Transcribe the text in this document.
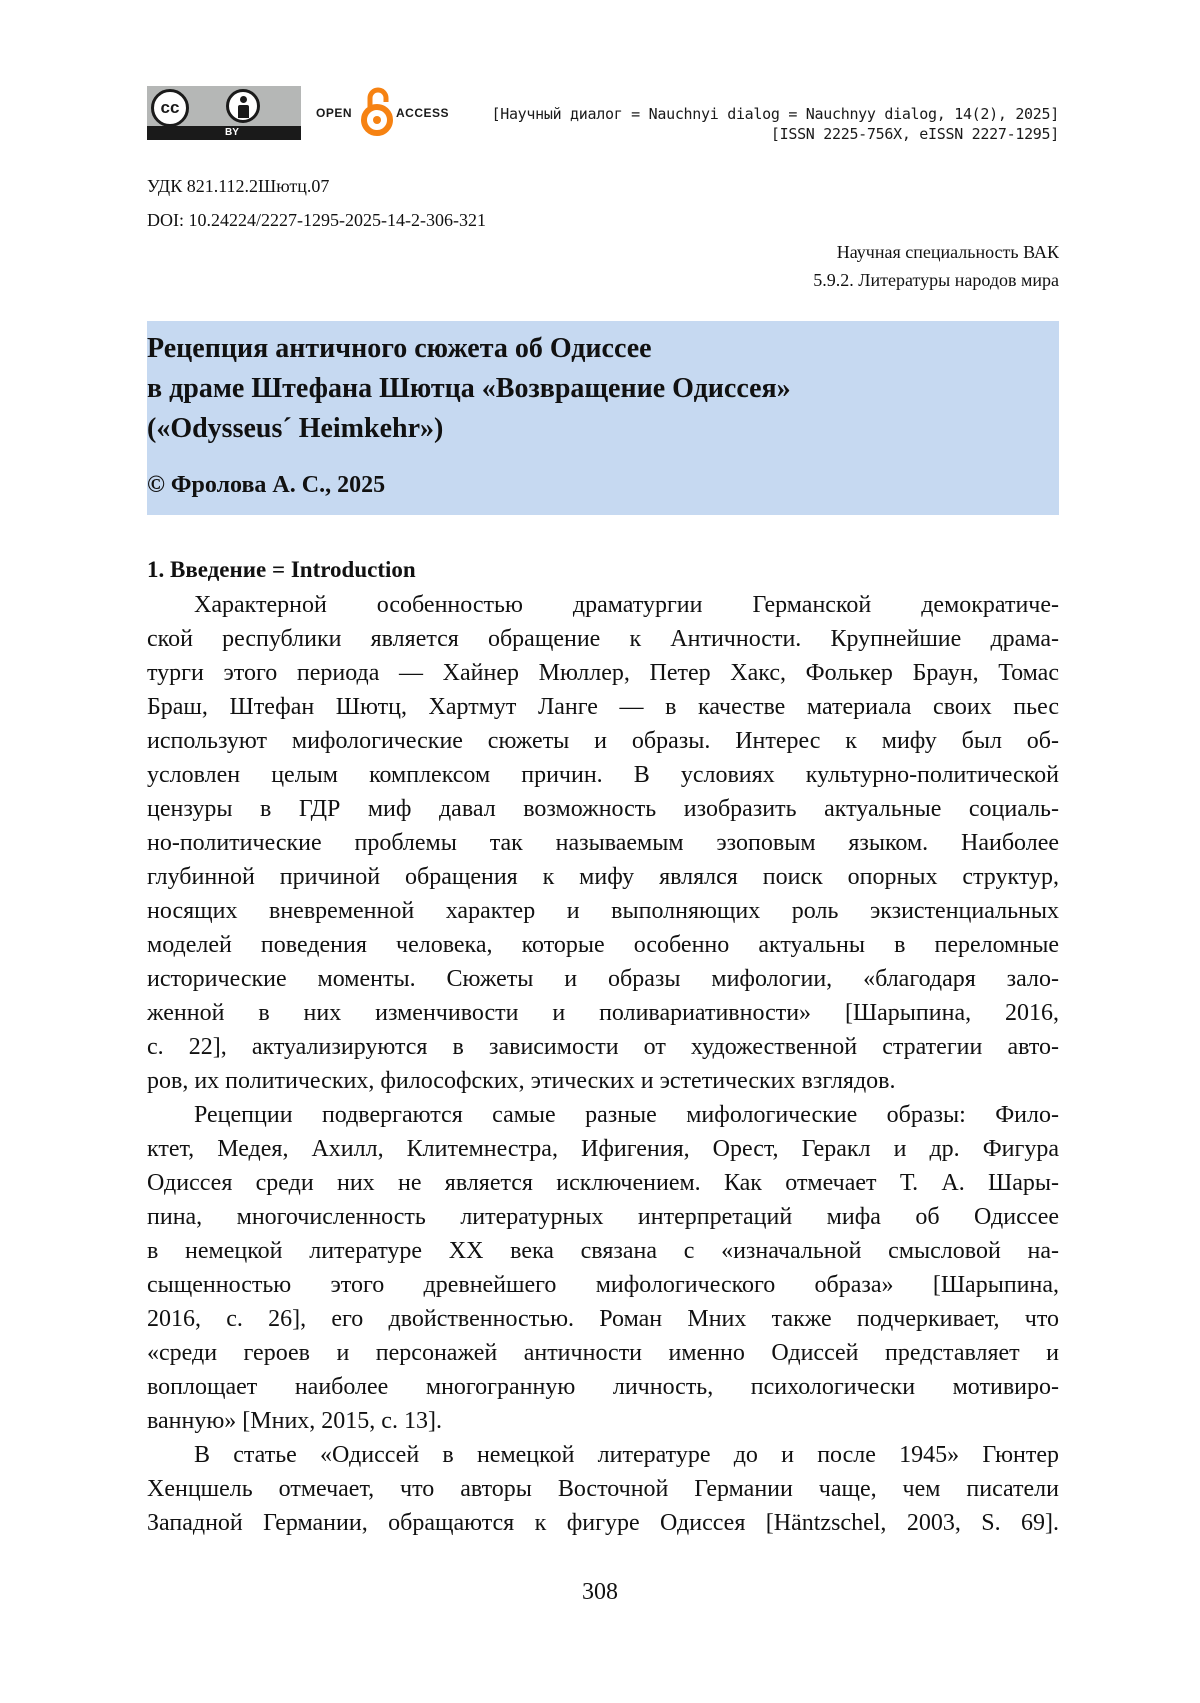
cc
BY
OPEN	ACCESS	[Научный диалог = Nauchnyi dialog = Nauchnyy dialog, 14(2), 2025]
[ISSN 2225-756X, eISSN 2227-1295]
УДК 821.112.2Шютц.07
DOI: 10.24224/2227-1295-2025-14-2-306-321
Научная специальность ВАК
5.9.2. Литературы народов мира
Рецепция античного сюжета об Одиссее
в драме Штефана Шютца «Возвращение Одиссея»
(«Odysseus´ Heimkehr»)
© Фролова А. С., 2025
1. Введение = Introduction
Характерной особенностью драматургии Германской демократиче-
ской республики является обращение к Античности. Крупнейшие драма-
турги этого периода — Хайнер Мюллер, Петер Хакс, Фолькер Браун, Томас
Браш, Штефан Шютц, Хартмут Ланге — в качестве материала своих пьес
используют мифологические сюжеты и образы. Интерес к мифу был об-
условлен целым комплексом причин. В условиях культурно-политической
цензуры в ГДР миф давал возможность изобразить актуальные социаль-
но-политические проблемы так называемым эзоповым языком. Наиболее
глубинной причиной обращения к мифу являлся поиск опорных структур,
носящих вневременной характер и выполняющих роль экзистенциальных
моделей поведения человека, которые особенно актуальны в переломные
исторические моменты. Сюжеты и образы мифологии, «благодаря зало-
женной в них изменчивости и поливариативности» [Шарыпина, 2016,
с. 22], актуализируются в зависимости от художественной стратегии авто-
ров, их политических, философских, этических и эстетических взглядов.
Рецепции подвергаются самые разные мифологические образы: Фило-
ктет, Медея, Ахилл, Клитемнестра, Ифигения, Орест, Геракл и др. Фигура
Одиссея среди них не является исключением. Как отмечает Т. А. Шары-
пина, многочисленность литературных интерпретаций мифа об Одиссее
в немецкой литературе XX века связана с «изначальной смысловой на-
сыщенностью этого древнейшего мифологического образа» [Шарыпина,
2016, с. 26], его двойственностью. Роман Мних также подчеркивает, что
«среди героев и персонажей античности именно Одиссей представляет и
воплощает наиболее многогранную личность, психологически мотивиро-
ванную» [Мних, 2015, с. 13].
В статье «Одиссей в немецкой литературе до и после 1945» Гюнтер
Хенцшель отмечает, что авторы Восточной Германии чаще, чем писатели
Западной Германии, обращаются к фигуре Одиссея [Häntzschel, 2003, S. 69].
308
